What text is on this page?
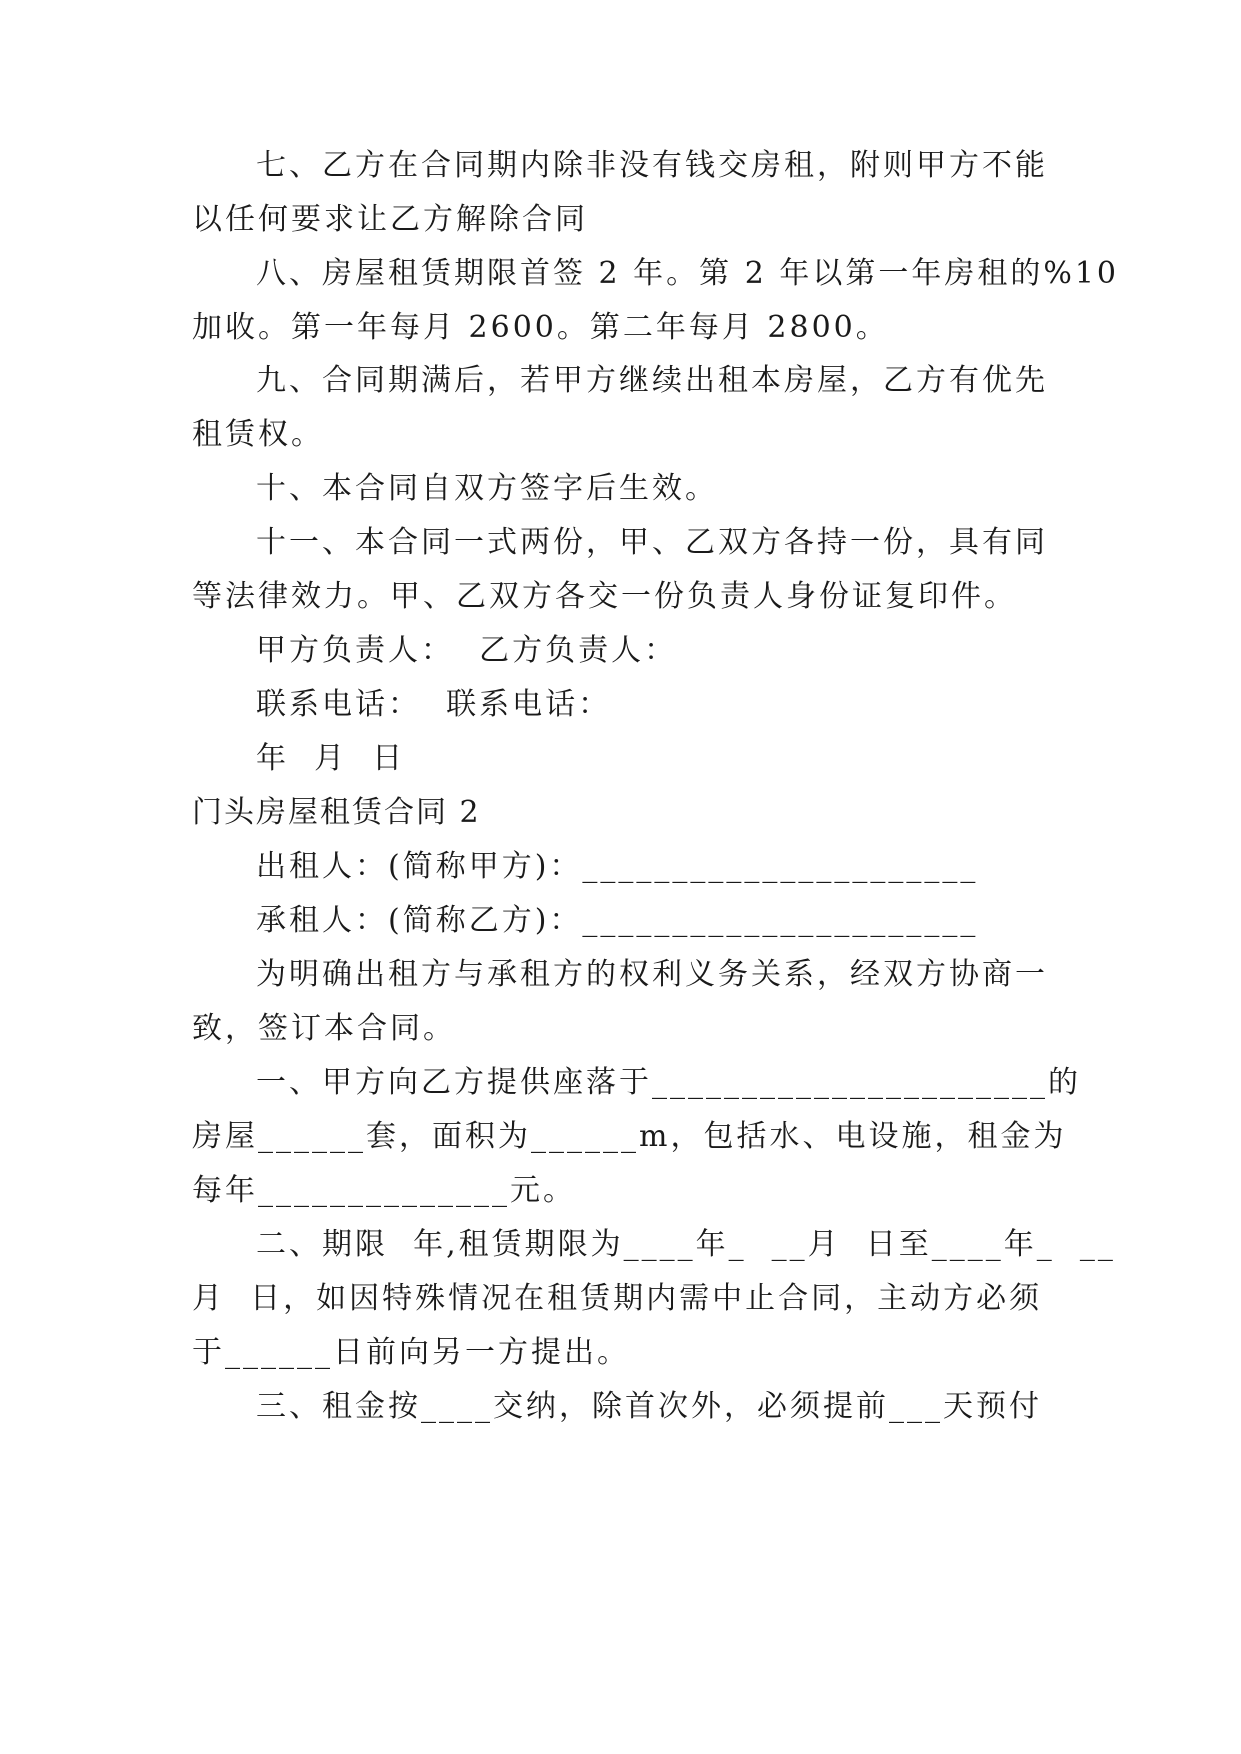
七、乙方在合同期内除非没有钱交房租，附则甲方不能
以任何要求让乙方解除合同
八、房屋租赁期限首签 2 年。第 2 年以第一年房租的%10
加收。第一年每月 2600。第二年每月 2800。
九、合同期满后，若甲方继续出租本房屋，乙方有优先
租赁权。
十、本合同自双方签字后生效。
十一、本合同一式两份，甲、乙双方各持一份，具有同
等法律效力。甲、乙双方各交一份负责人身份证复印件。
甲方负责人：  乙方负责人：
联系电话：  联系电话：
年  月  日
门头房屋租赁合同 2
出租人：(简称甲方)：______________________
承租人：(简称乙方)：______________________
为明确出租方与承租方的权利义务关系，经双方协商一
致，签订本合同。
一、甲方向乙方提供座落于______________________的
房屋______套，面积为______m，包括水、电设施，租金为
每年______________元。
二、期限  年,租赁期限为____年_  __月  日至____年_  __
月  日，如因特殊情况在租赁期内需中止合同，主动方必须
于______日前向另一方提出。
三、租金按____交纳，除首次外，必须提前___天预付
